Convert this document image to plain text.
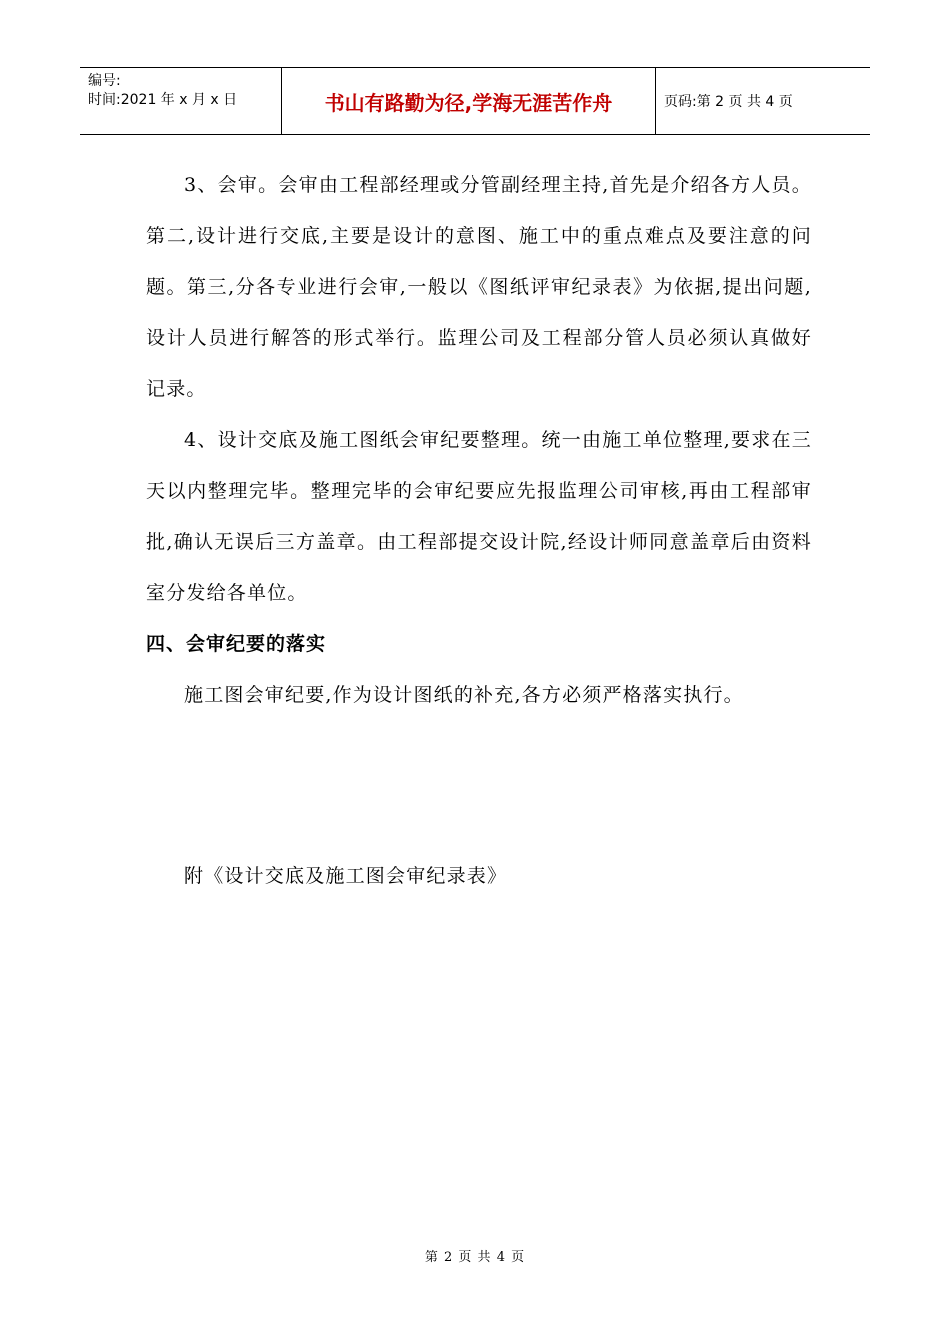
编号:
时间:2021 年 x 月 x 日	书山有路勤为径,学海无涯苦作舟	页码:第 2 页 共 4 页

3、会审。会审由工程部经理或分管副经理主持,首先是介绍各方人员。第二,设计进行交底,主要是设计的意图、施工中的重点难点及要注意的问题。第三,分各专业进行会审,一般以《图纸评审纪录表》为依据,提出问题,设计人员进行解答的形式举行。监理公司及工程部分管人员必须认真做好记录。

4、设计交底及施工图纸会审纪要整理。统一由施工单位整理,要求在三天以内整理完毕。整理完毕的会审纪要应先报监理公司审核,再由工程部审批,确认无误后三方盖章。由工程部提交设计院,经设计师同意盖章后由资料室分发给各单位。

四、会审纪要的落实

施工图会审纪要,作为设计图纸的补充,各方必须严格落实执行。

附《设计交底及施工图会审纪录表》
第 2 页 共 4 页
